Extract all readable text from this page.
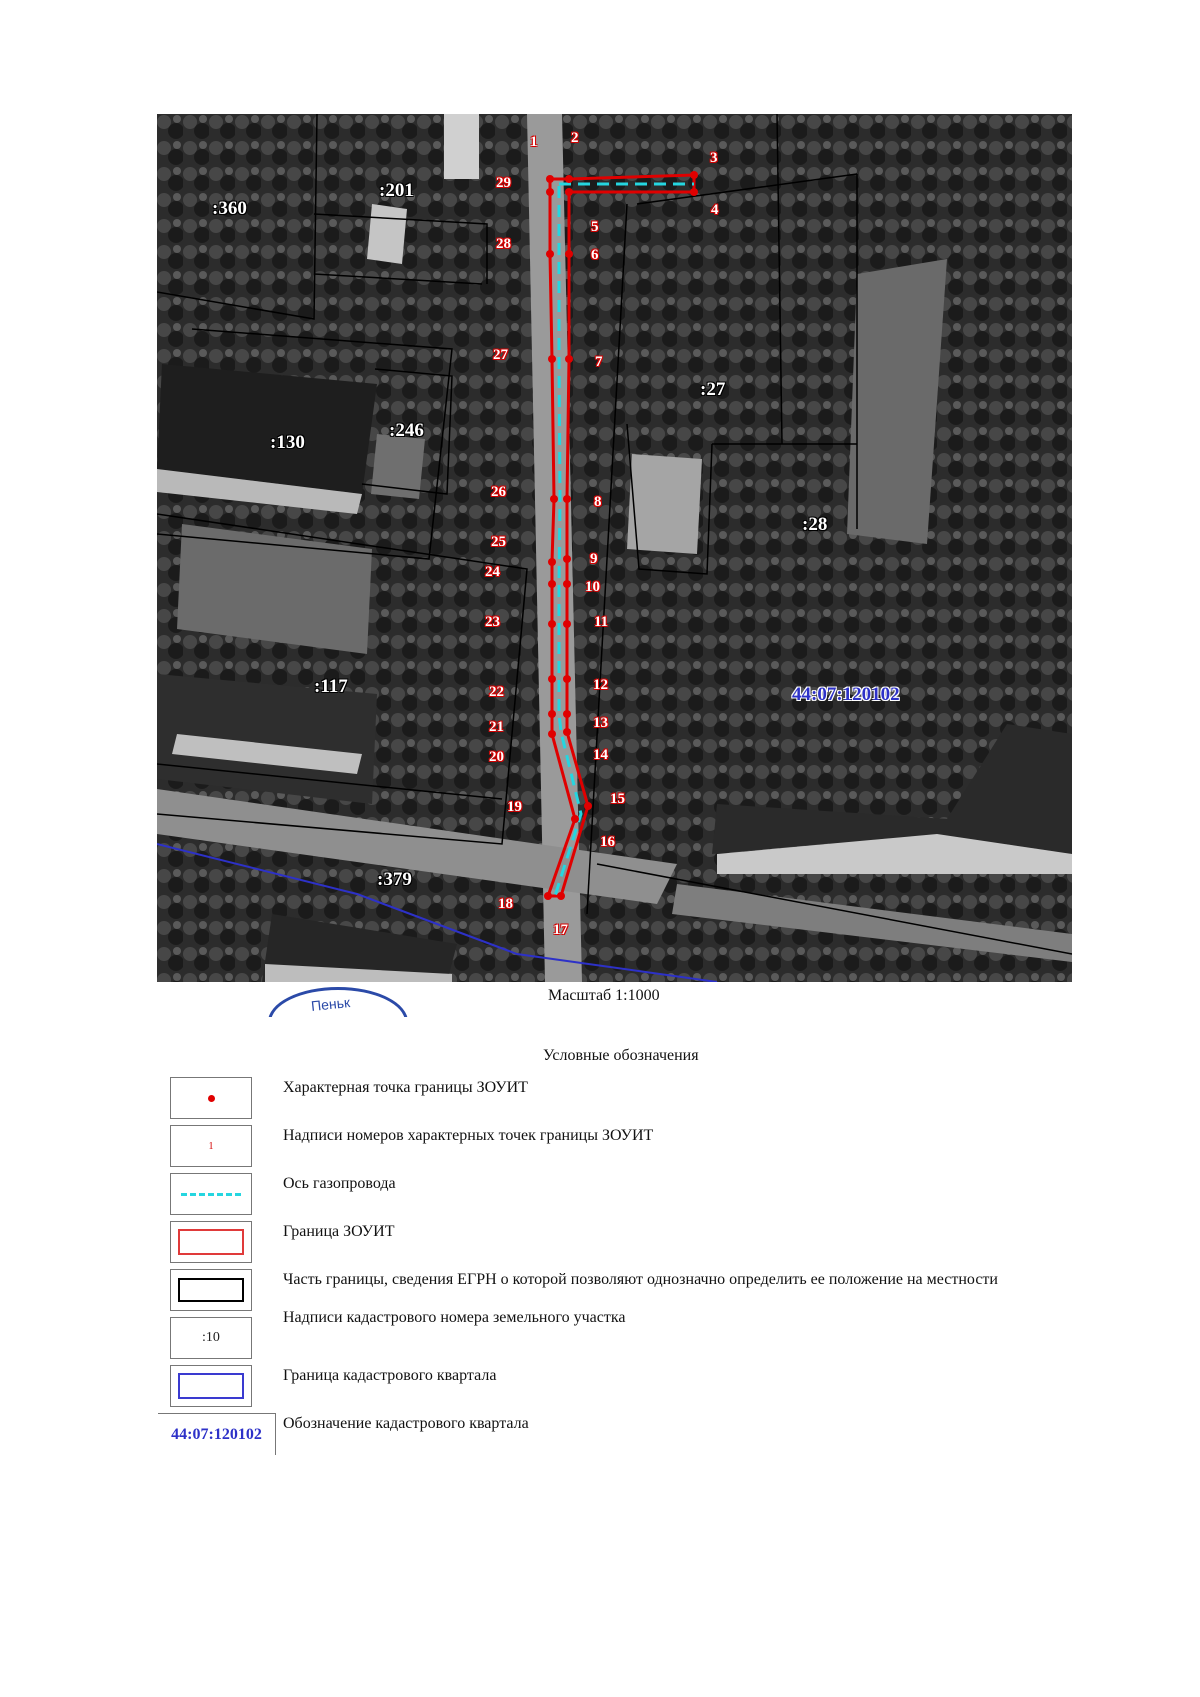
:360
:201
:27
:246
:130
:28
:117
:379
44:07:120102
1 2
3
4
5
6
7
8
9
10
11
12
13
14
15
16
17
18
19
20
21
22
23
24
25
26
27
28
29
Пеньк	Масштаб 1:1000
Условные обозначения
Характерная точка границы ЗОУИТ
1
Надписи номеров характерных точек границы ЗОУИТ
Ось газопровода
Граница ЗОУИТ
Часть границы, сведения ЕГРН о которой позволяют однозначно определить ее положение на местности
:10
Надписи кадастрового номера земельного участка
Граница кадастрового квартала
44:07:120102
Обозначение кадастрового квартала
